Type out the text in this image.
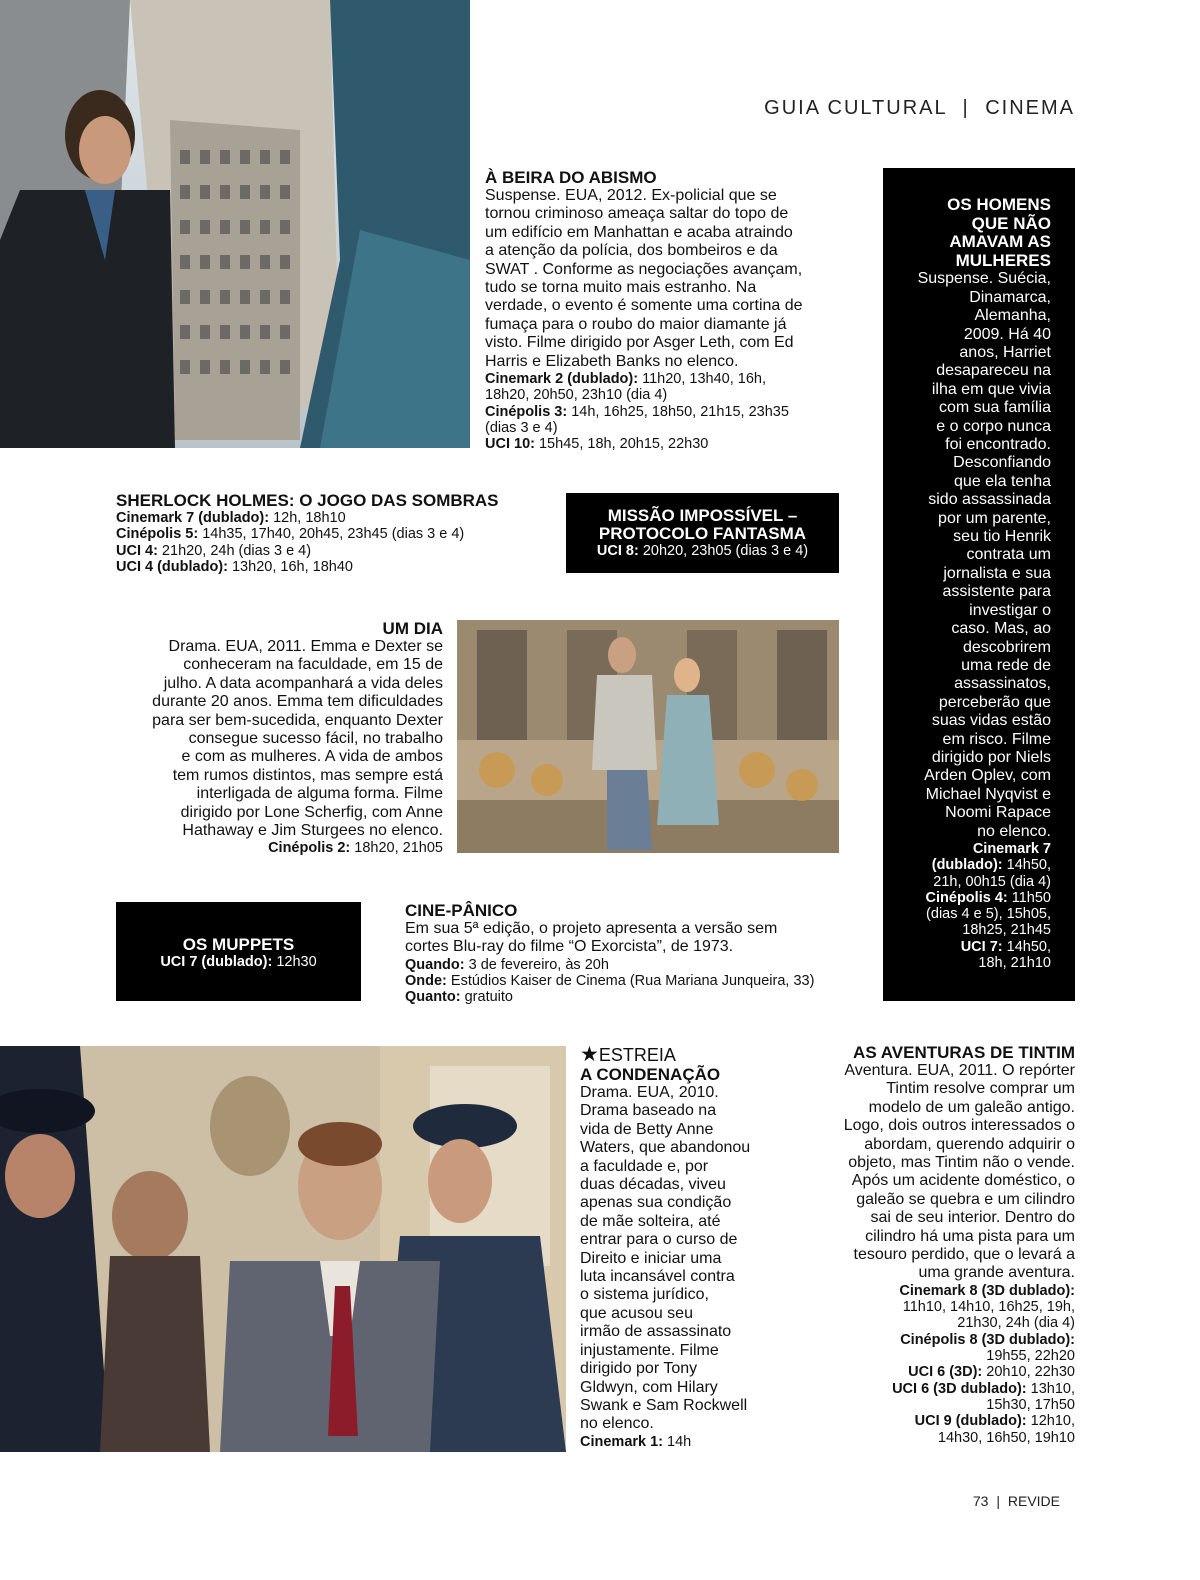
GUIA CULTURAL | CINEMA
À BEIRA DO ABISMO
Suspense. EUA, 2012. Ex-policial que se
tornou criminoso ameaça saltar do topo de
um edifício em Manhattan e acaba atraindo
a atenção da polícia, dos bombeiros e da
SWAT . Conforme as negociações avançam,
tudo se torna muito mais estranho. Na
verdade, o evento é somente uma cortina de
fumaça para o roubo do maior diamante já
visto. Filme dirigido por Asger Leth, com Ed
Harris e Elizabeth Banks no elenco.
Cinemark 2 (dublado): 11h20, 13h40, 16h,
18h20, 20h50, 23h10 (dia 4)
Cinépolis 3: 14h, 16h25, 18h50, 21h15, 23h35
(dias 3 e 4)
UCI 10: 15h45, 18h, 20h15, 22h30
OS HOMENS
QUE NÃO
AMAVAM AS
MULHERES
Suspense. Suécia,
Dinamarca,
Alemanha,
2009. Há 40
anos, Harriet
desapareceu na
ilha em que vivia
com sua família
e o corpo nunca
foi encontrado.
Desconfiando
que ela tenha
sido assassinada
por um parente,
seu tio Henrik
contrata um
jornalista e sua
assistente para
investigar o
caso. Mas, ao
descobrirem
uma rede de
assassinatos,
perceberão que
suas vidas estão
em risco. Filme
dirigido por Niels
Arden Oplev, com
Michael Nyqvist e
Noomi Rapace
no elenco.
Cinemark 7
(dublado): 14h50,
21h, 00h15 (dia 4)
Cinépolis 4: 11h50
(dias 4 e 5), 15h05,
18h25, 21h45
UCI 7: 14h50,
18h, 21h10
SHERLOCK HOLMES: O JOGO DAS SOMBRAS
Cinemark 7 (dublado): 12h, 18h10
Cinépolis 5: 14h35, 17h40, 20h45, 23h45 (dias 3 e 4)
UCI 4: 21h20, 24h (dias 3 e 4)
UCI 4 (dublado): 13h20, 16h, 18h40
MISSÃO IMPOSSÍVEL –
PROTOCOLO FANTASMA
UCI 8: 20h20, 23h05 (dias 3 e 4)
UM DIA
Drama. EUA, 2011. Emma e Dexter se
conheceram na faculdade, em 15 de
julho. A data acompanhará a vida deles
durante 20 anos. Emma tem dificuldades
para ser bem-sucedida, enquanto Dexter
consegue sucesso fácil, no trabalho
e com as mulheres. A vida de ambos
tem rumos distintos, mas sempre está
interligada de alguma forma. Filme
dirigido por Lone Scherfig, com Anne
Hathaway e Jim Sturgees no elenco.
Cinépolis 2: 18h20, 21h05
OS MUPPETS
UCI 7 (dublado): 12h30
CINE-PÂNICO
Em sua 5ª edição, o projeto apresenta a versão sem
cortes Blu-ray do filme “O Exorcista”, de 1973.
Quando: 3 de fevereiro, às 20h
Onde: Estúdios Kaiser de Cinema (Rua Mariana Junqueira, 33)
Quanto: gratuito
★ESTREIA
A CONDENAÇÃO
Drama. EUA, 2010.
Drama baseado na
vida de Betty Anne
Waters, que abandonou
a faculdade e, por
duas décadas, viveu
apenas sua condição
de mãe solteira, até
entrar para o curso de
Direito e iniciar uma
luta incansável contra
o sistema jurídico,
que acusou seu
irmão de assassinato
injustamente. Filme
dirigido por Tony
Gldwyn, com Hilary
Swank e Sam Rockwell
no elenco.
Cinemark 1: 14h
AS AVENTURAS DE TINTIM
Aventura. EUA, 2011. O repórter
Tintim resolve comprar um
modelo de um galeão antigo.
Logo, dois outros interessados o
abordam, querendo adquirir o
objeto, mas Tintim não o vende.
Após um acidente doméstico, o
galeão se quebra e um cilindro
sai de seu interior. Dentro do
cilindro há uma pista para um
tesouro perdido, que o levará a
uma grande aventura.
Cinemark 8 (3D dublado):
11h10, 14h10, 16h25, 19h,
21h30, 24h (dia 4)
Cinépolis 8 (3D dublado):
19h55, 22h20
UCI 6 (3D): 20h10, 22h30
UCI 6 (3D dublado): 13h10,
15h30, 17h50
UCI 9 (dublado): 12h10,
14h30, 16h50, 19h10
73 | REVIDE
